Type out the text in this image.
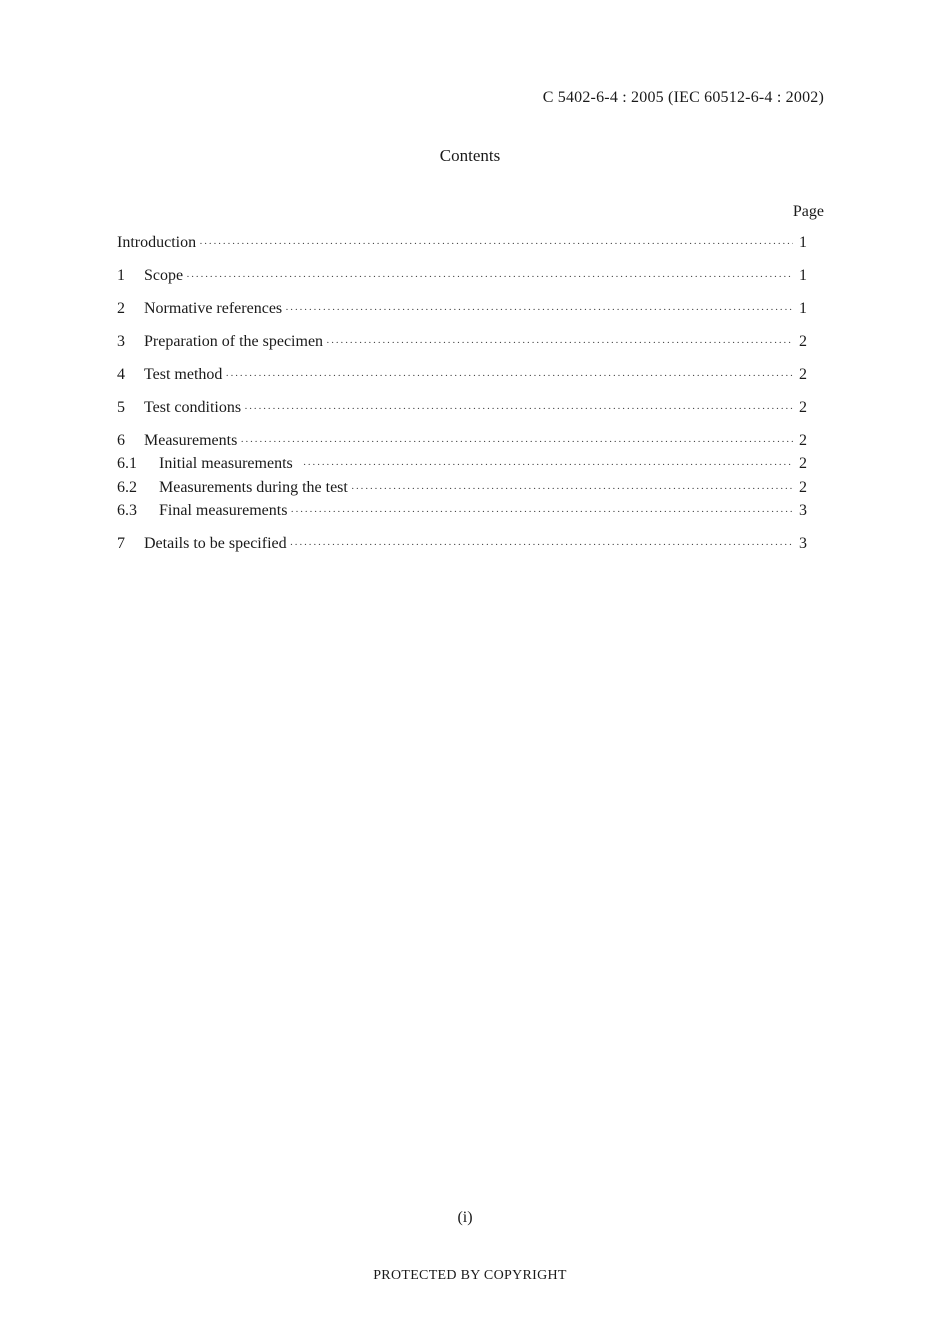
C 5402-6-4 : 2005 (IEC 60512-6-4 : 2002)
Contents
Page
Introduction ·····	1
1	Scope ·····	1
2	Normative references ·····	1
3	Preparation of the specimen ·····	2
4	Test method ·····	2
5	Test conditions ·····	2
6	Measurements ·····	2
6.1	Initial measurements ·····	2
6.2	Measurements during the test ·····	2
6.3	Final measurements ·····	3
7	Details to be specified ·····	3
(i)
PROTECTED BY COPYRIGHT
